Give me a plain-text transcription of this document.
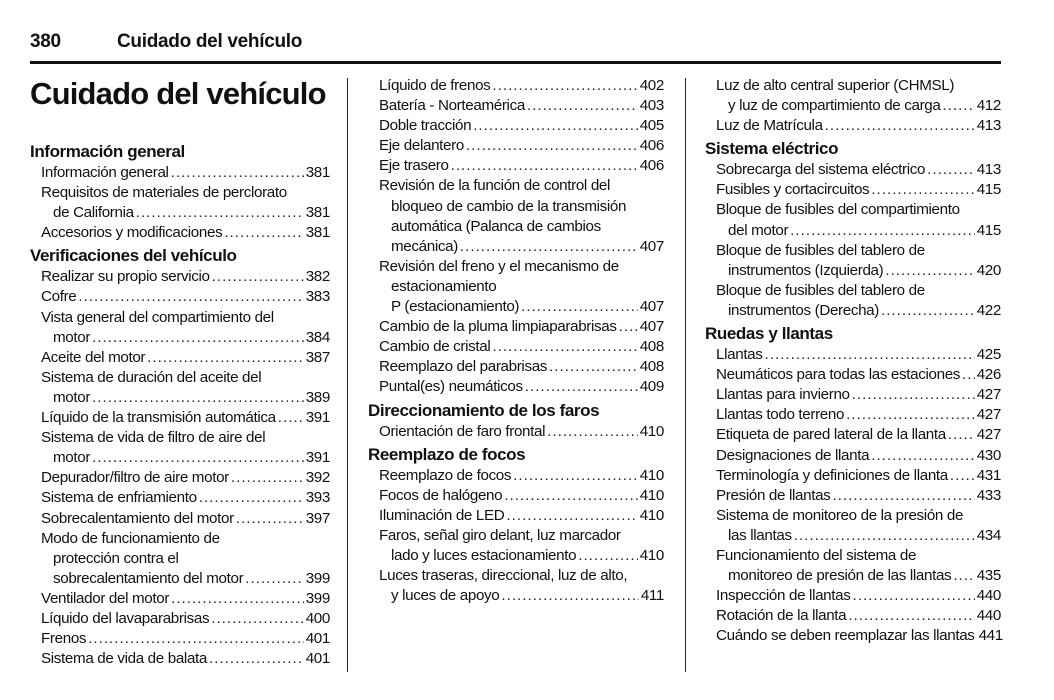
380	Cuidado del vehículo
Cuidado del vehículo
Información general
Información general .....	381
Requisitos de materiales de perclorato
de California .....	381
Accesorios y modificaciones .....	381
Verificaciones del vehículo
Realizar su propio servicio .....	382
Cofre .....	383
Vista general del compartimiento del
motor .....	384
Aceite del motor .....	387
Sistema de duración del aceite del
motor .....	389
Líquido de la transmisión automática ..... 391
Sistema de vida de filtro de aire del
motor .....	391
Depurador/filtro de aire motor .....	392
Sistema de enfriamiento .....	393
Sobrecalentamiento del motor .....	397
Modo de funcionamiento de
protección contra el
sobrecalentamiento del motor .....	399
Ventilador del motor .....	399
Líquido del lavaparabrisas .....	400
Frenos .....	401
Sistema de vida de balata .....	401
Líquido de frenos .....	402
Batería - Norteamérica .....	403
Doble tracción .....	405
Eje delantero .....	406
Eje trasero .....	406
Revisión de la función de control del
bloqueo de cambio de la transmisión
automática (Palanca de cambios
mecánica) .....	407
Revisión del freno y el mecanismo de
estacionamiento
P (estacionamiento) .....	407
Cambio de la pluma limpiaparabrisas ..... 407
Cambio de cristal .....	408
Reemplazo del parabrisas .....	408
Puntal(es) neumáticos .....	409
Direccionamiento de los faros
Orientación de faro frontal .....	410
Reemplazo de focos
Reemplazo de focos .....	410
Focos de halógeno .....	410
Iluminación de LED .....	410
Faros, señal giro delant, luz marcador
lado y luces estacionamiento .....	410
Luces traseras, direccional, luz de alto,
y luces de apoyo .....	411
Luz de alto central superior (CHMSL)
y luz de compartimiento de carga ..... 412
Luz de Matrícula .....	413
Sistema eléctrico
Sobrecarga del sistema eléctrico .....	413
Fusibles y cortacircuitos .....	415
Bloque de fusibles del compartimiento
del motor .....	415
Bloque de fusibles del tablero de
instrumentos (Izquierda) .....	420
Bloque de fusibles del tablero de
instrumentos (Derecha) .....	422
Ruedas y llantas
Llantas .....	425
Neumáticos para todas las estaciones ..... 426
Llantas para invierno .....	427
Llantas todo terreno .....	427
Etiqueta de pared lateral de la llanta ..... 427
Designaciones de llanta .....	430
Terminología y definiciones de llanta ..... 431
Presión de llantas .....	433
Sistema de monitoreo de la presión de
las llantas .....	434
Funcionamiento del sistema de
monitoreo de presión de las llantas ..... 435
Inspección de llantas .....	440
Rotación de la llanta .....	440
Cuándo se deben reemplazar las llantas 441
